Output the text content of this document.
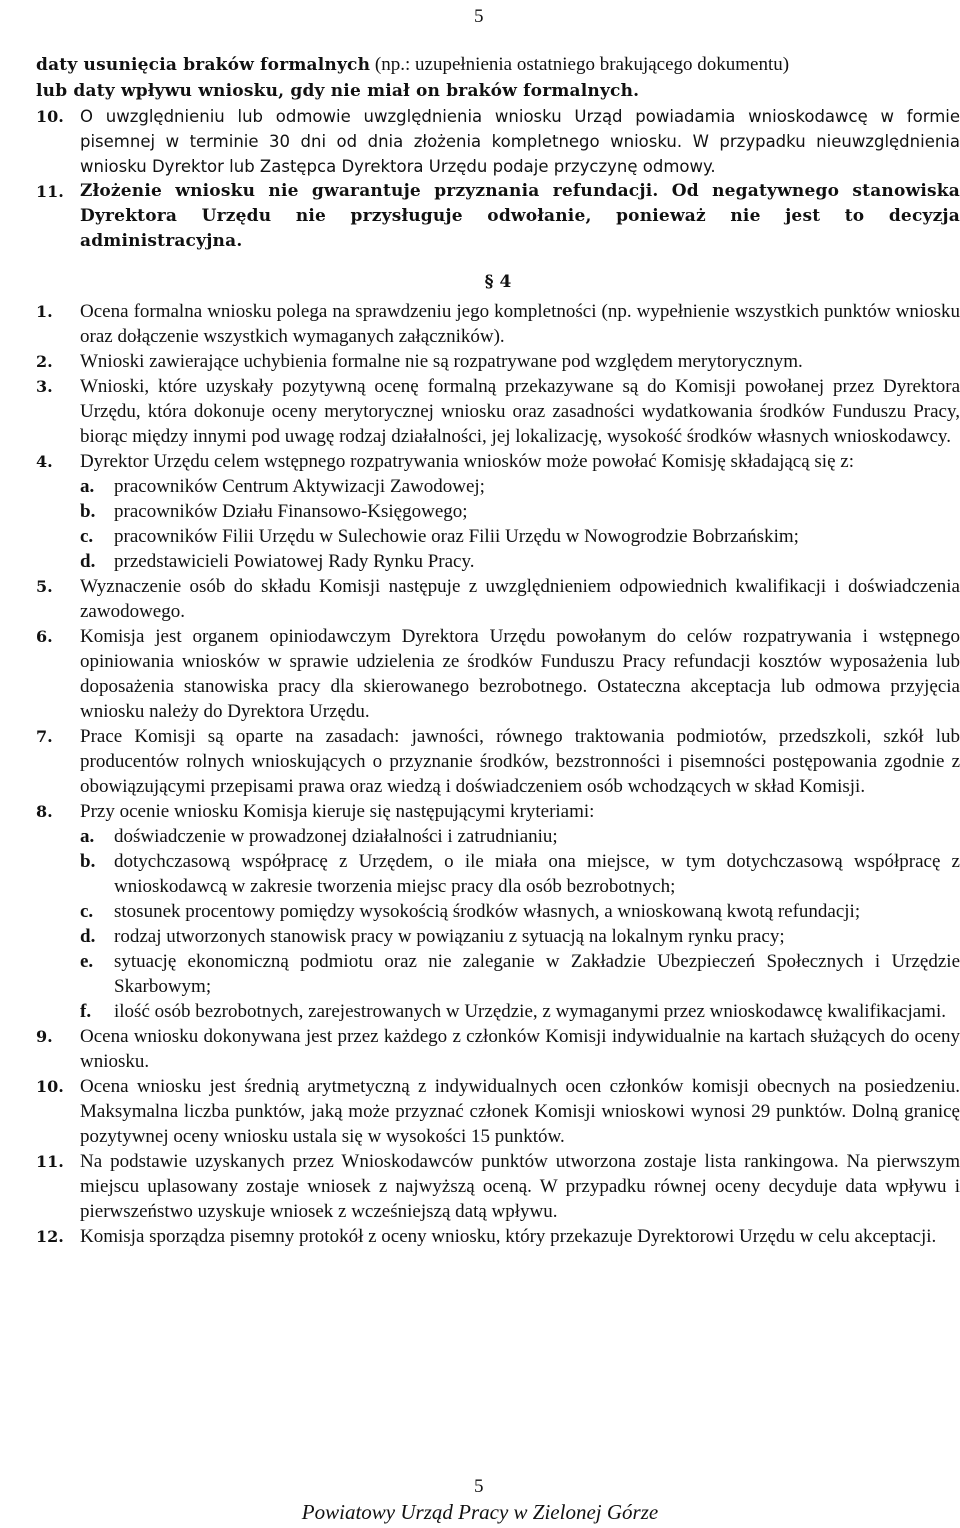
5
daty usunięcia braków formalnych (np.: uzupełnienia ostatniego brakującego dokumentu)
lub daty wpływu wniosku, gdy nie miał on braków formalnych.
10. O uwzględnieniu lub odmowie uwzględnienia wniosku Urząd powiadamia wnioskodawcę w formie pisemnej w terminie 30 dni od dnia złożenia kompletnego wniosku. W przypadku nieuwzględnienia wniosku Dyrektor lub Zastępca Dyrektora Urzędu podaje przyczynę odmowy.
11. Złożenie wniosku nie gwarantuje przyznania refundacji. Od negatywnego stanowiska Dyrektora Urzędu nie przysługuje odwołanie, ponieważ nie jest to decyzja administracyjna.
§ 4
1.	Ocena formalna wniosku polega na sprawdzeniu jego kompletności (np. wypełnienie wszystkich punktów wniosku oraz dołączenie wszystkich wymaganych załączników).
2.	Wnioski zawierające uchybienia formalne nie są rozpatrywane pod względem merytorycznym.
3.	Wnioski, które uzyskały pozytywną ocenę formalną przekazywane są do Komisji powołanej przez Dyrektora Urzędu, która dokonuje oceny merytorycznej wniosku oraz zasadności wydatkowania środków Funduszu Pracy, biorąc między innymi pod uwagę rodzaj działalności, jej lokalizację, wysokość środków własnych wnioskodawcy.
4.	Dyrektor Urzędu celem wstępnego rozpatrywania wniosków może powołać Komisję składającą się z:
a.	pracowników Centrum Aktywizacji Zawodowej;
b. pracowników Działu Finansowo-Księgowego;
c.	pracowników Filii Urzędu w Sulechowie oraz Filii Urzędu w Nowogrodzie Bobrzańskim;
d. przedstawicieli Powiatowej Rady Rynku Pracy.
5.	Wyznaczenie osób do składu Komisji następuje z uwzględnieniem odpowiednich kwalifikacji i doświadczenia zawodowego.
6.	Komisja jest organem opiniodawczym Dyrektora Urzędu powołanym do celów rozpatrywania i wstępnego opiniowania wniosków w sprawie udzielenia ze środków Funduszu Pracy refundacji kosztów wyposażenia lub doposażenia stanowiska pracy dla skierowanego bezrobotnego. Ostateczna akceptacja lub odmowa przyjęcia wniosku należy do Dyrektora Urzędu.
7.	Prace Komisji są oparte na zasadach: jawności, równego traktowania podmiotów, przedszkoli, szkół lub producentów rolnych wnioskujących o przyznanie środków, bezstronności i pisemności postępowania zgodnie z obowiązującymi przepisami prawa oraz wiedzą i doświadczeniem osób wchodzących w skład Komisji.
8.	Przy ocenie wniosku Komisja kieruje się następującymi kryteriami:
a.	doświadczenie w prowadzonej działalności i zatrudnianiu;
b. dotychczasową współpracę z Urzędem, o ile miała ona miejsce, w tym dotychczasową współpracę z wnioskodawcą w zakresie tworzenia miejsc pracy dla osób bezrobotnych;
c.	stosunek procentowy pomiędzy wysokością środków własnych, a wnioskowaną kwotą refundacji;
d. rodzaj utworzonych stanowisk pracy w powiązaniu z sytuacją na lokalnym rynku pracy;
e.	sytuację ekonomiczną podmiotu oraz nie zaleganie w Zakładzie Ubezpieczeń Społecznych i Urzędzie Skarbowym;
f.	ilość osób bezrobotnych, zarejestrowanych w Urzędzie, z wymaganymi przez wnioskodawcę kwalifikacjami.
9.	Ocena wniosku dokonywana jest przez każdego z członków Komisji indywidualnie na kartach służących do oceny wniosku.
10. Ocena wniosku jest średnią arytmetyczną z indywidualnych ocen członków komisji obecnych na posiedzeniu. Maksymalna liczba punktów, jaką może przyznać członek Komisji wnioskowi wynosi 29 punktów. Dolną granicę pozytywnej oceny wniosku ustala się w wysokości 15 punktów.
11. Na podstawie uzyskanych przez Wnioskodawców punktów utworzona zostaje lista rankingowa. Na pierwszym miejscu uplasowany zostaje wniosek z najwyższą oceną. W przypadku równej oceny decyduje data wpływu i pierwszeństwo uzyskuje wniosek z wcześniejszą datą wpływu.
12. Komisja sporządza pisemny protokół z oceny wniosku, który przekazuje Dyrektorowi Urzędu w celu akceptacji.
5
Powiatowy Urząd Pracy w Zielonej Górze
